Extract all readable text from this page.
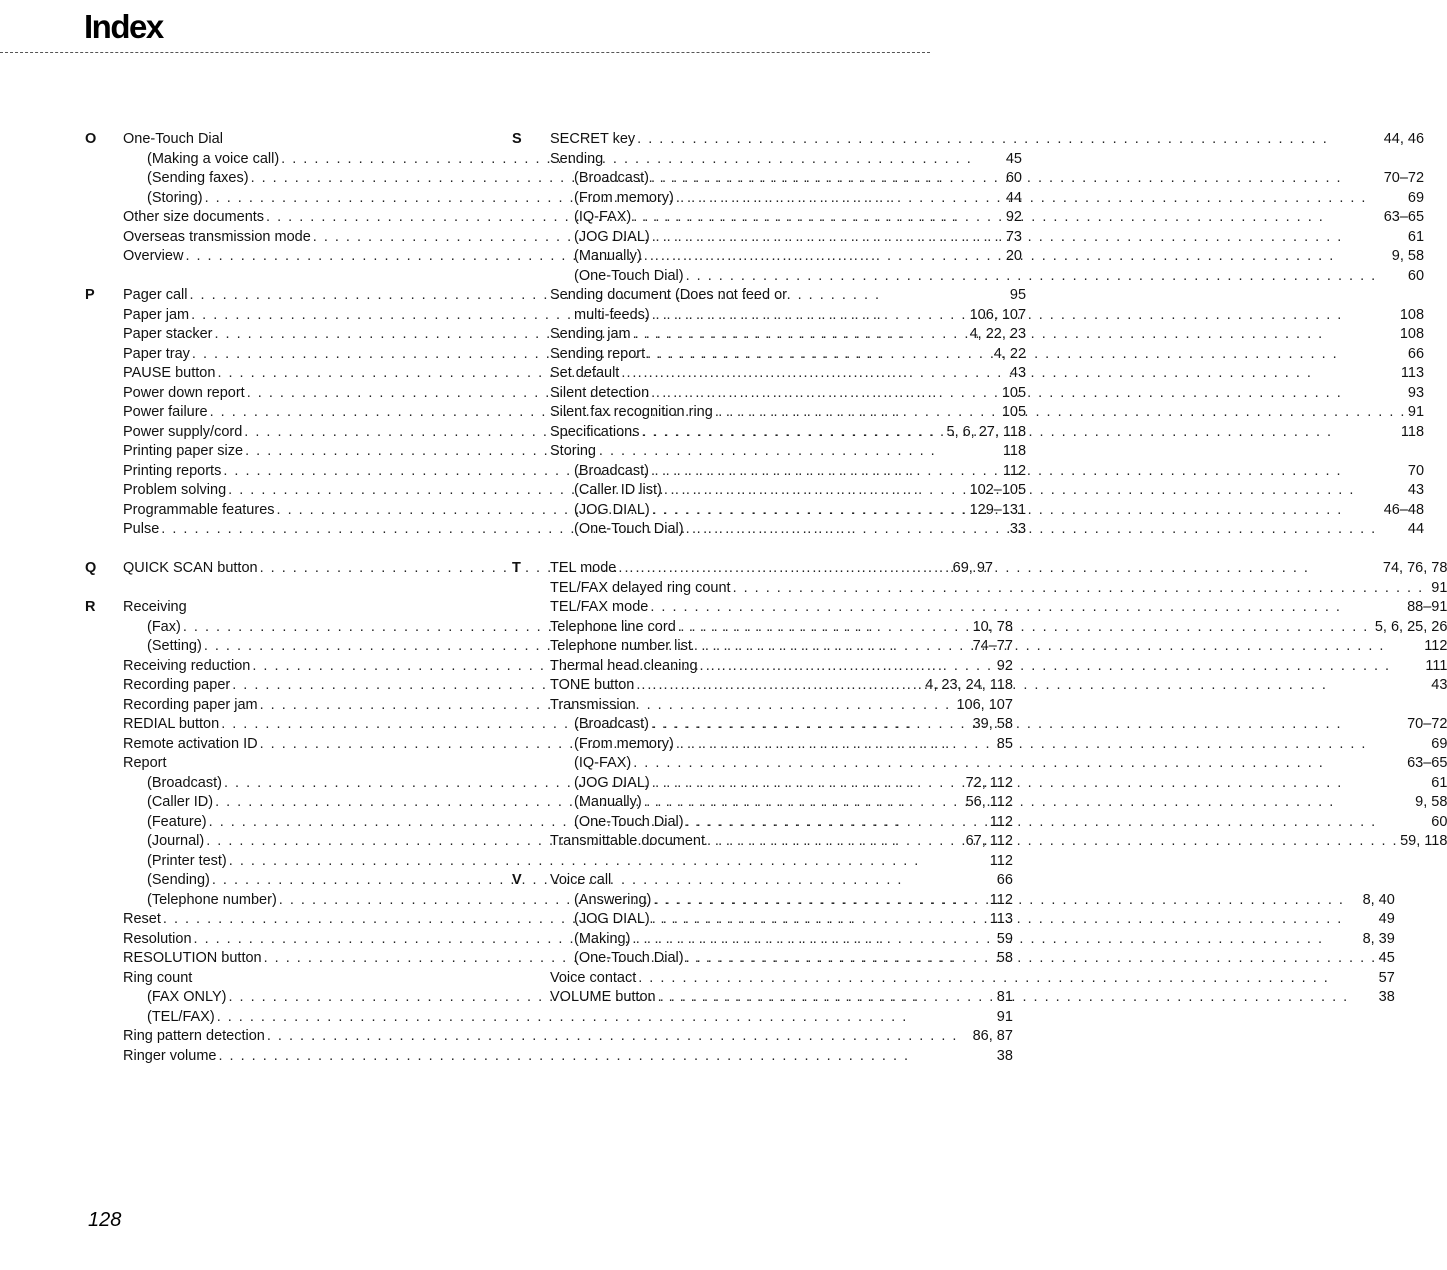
Index
O	One-Touch Dial
(Making a voice call) . . .	45
(Sending faxes) . . .	60
(Storing) . . .	44
Other size documents . . .	92
Overseas transmission mode . . .	73
Overview . . .	20
P	Pager call . . .	95
Paper jam . . .	106, 107
Paper stacker . . .	4, 22, 23
Paper tray . . .	4, 22
PAUSE button . . .	43
Power down report . . .	105
Power failure . . .	105
Power supply/cord . . .	5, 6, 27, 118
Printing paper size . . .	118
Printing reports . . .	112
Problem solving . . .	102–105
Programmable features . . .	129–131
Pulse . . .	33
Q	QUICK SCAN button . . .	69, 97
R	Receiving
(Fax) . . .	10, 78
(Setting) . . .	74–77
Receiving reduction . . .	92
Recording paper . . .	4, 23, 24, 118
Recording paper jam . . .	106, 107
REDIAL button . . .	39, 58
Remote activation ID . . .	85
Report
(Broadcast) . . .	72, 112
(Caller ID) . . .	56, 112
(Feature) . . .	112
(Journal) . . .	67, 112
(Printer test) . . .	112
(Sending) . . .	66
(Telephone number) . . .	112
Reset . . .	113
Resolution . . .	59
RESOLUTION button . . .	58
Ring count
(FAX ONLY) . . .	81
(TEL/FAX) . . .	91
Ring pattern detection . . .	86, 87
Ringer volume . . .	38
S	SECRET key . . .	44, 46
Sending
(Broadcast) . . .	70–72
(From memory) . . .	69
(IQ-FAX) . . .	63–65
(JOG DIAL) . . .	61
(Manually) . . .	9, 58
(One-Touch Dial) . . .	60
Sending document (Does not feed or
multi-feeds) . . .	108
Sending jam . . .	108
Sending report . . .	66
Set default . . .	113
Silent detection . . .	93
Silent fax recognition ring . . .	91
Specifications . . .	118
Storing
(Broadcast) . . .	70
(Caller ID list) . . .	43
(JOG DIAL) . . .	46–48
(One-Touch Dial) . . .	44
T	TEL mode . . .	74, 76, 78
TEL/FAX delayed ring count . . .	91
TEL/FAX mode . . .	88–91
Telephone line cord . . .	5, 6, 25, 26
Telephone number list . . .	112
Thermal head cleaning . . .	111
TONE button . . .	43
Transmission
(Broadcast) . . .	70–72
(From memory) . . .	69
(IQ-FAX) . . .	63–65
(JOG DIAL) . . .	61
(Manually) . . .	9, 58
(One-Touch Dial) . . .	60
Transmittable document . . .	59, 118
V	Voice call
(Answering) . . .	8, 40
(JOG DIAL) . . .	49
(Making) . . .	8, 39
(One-Touch Dial) . . .	45
Voice contact . . .	57
VOLUME button . . .	38
128
